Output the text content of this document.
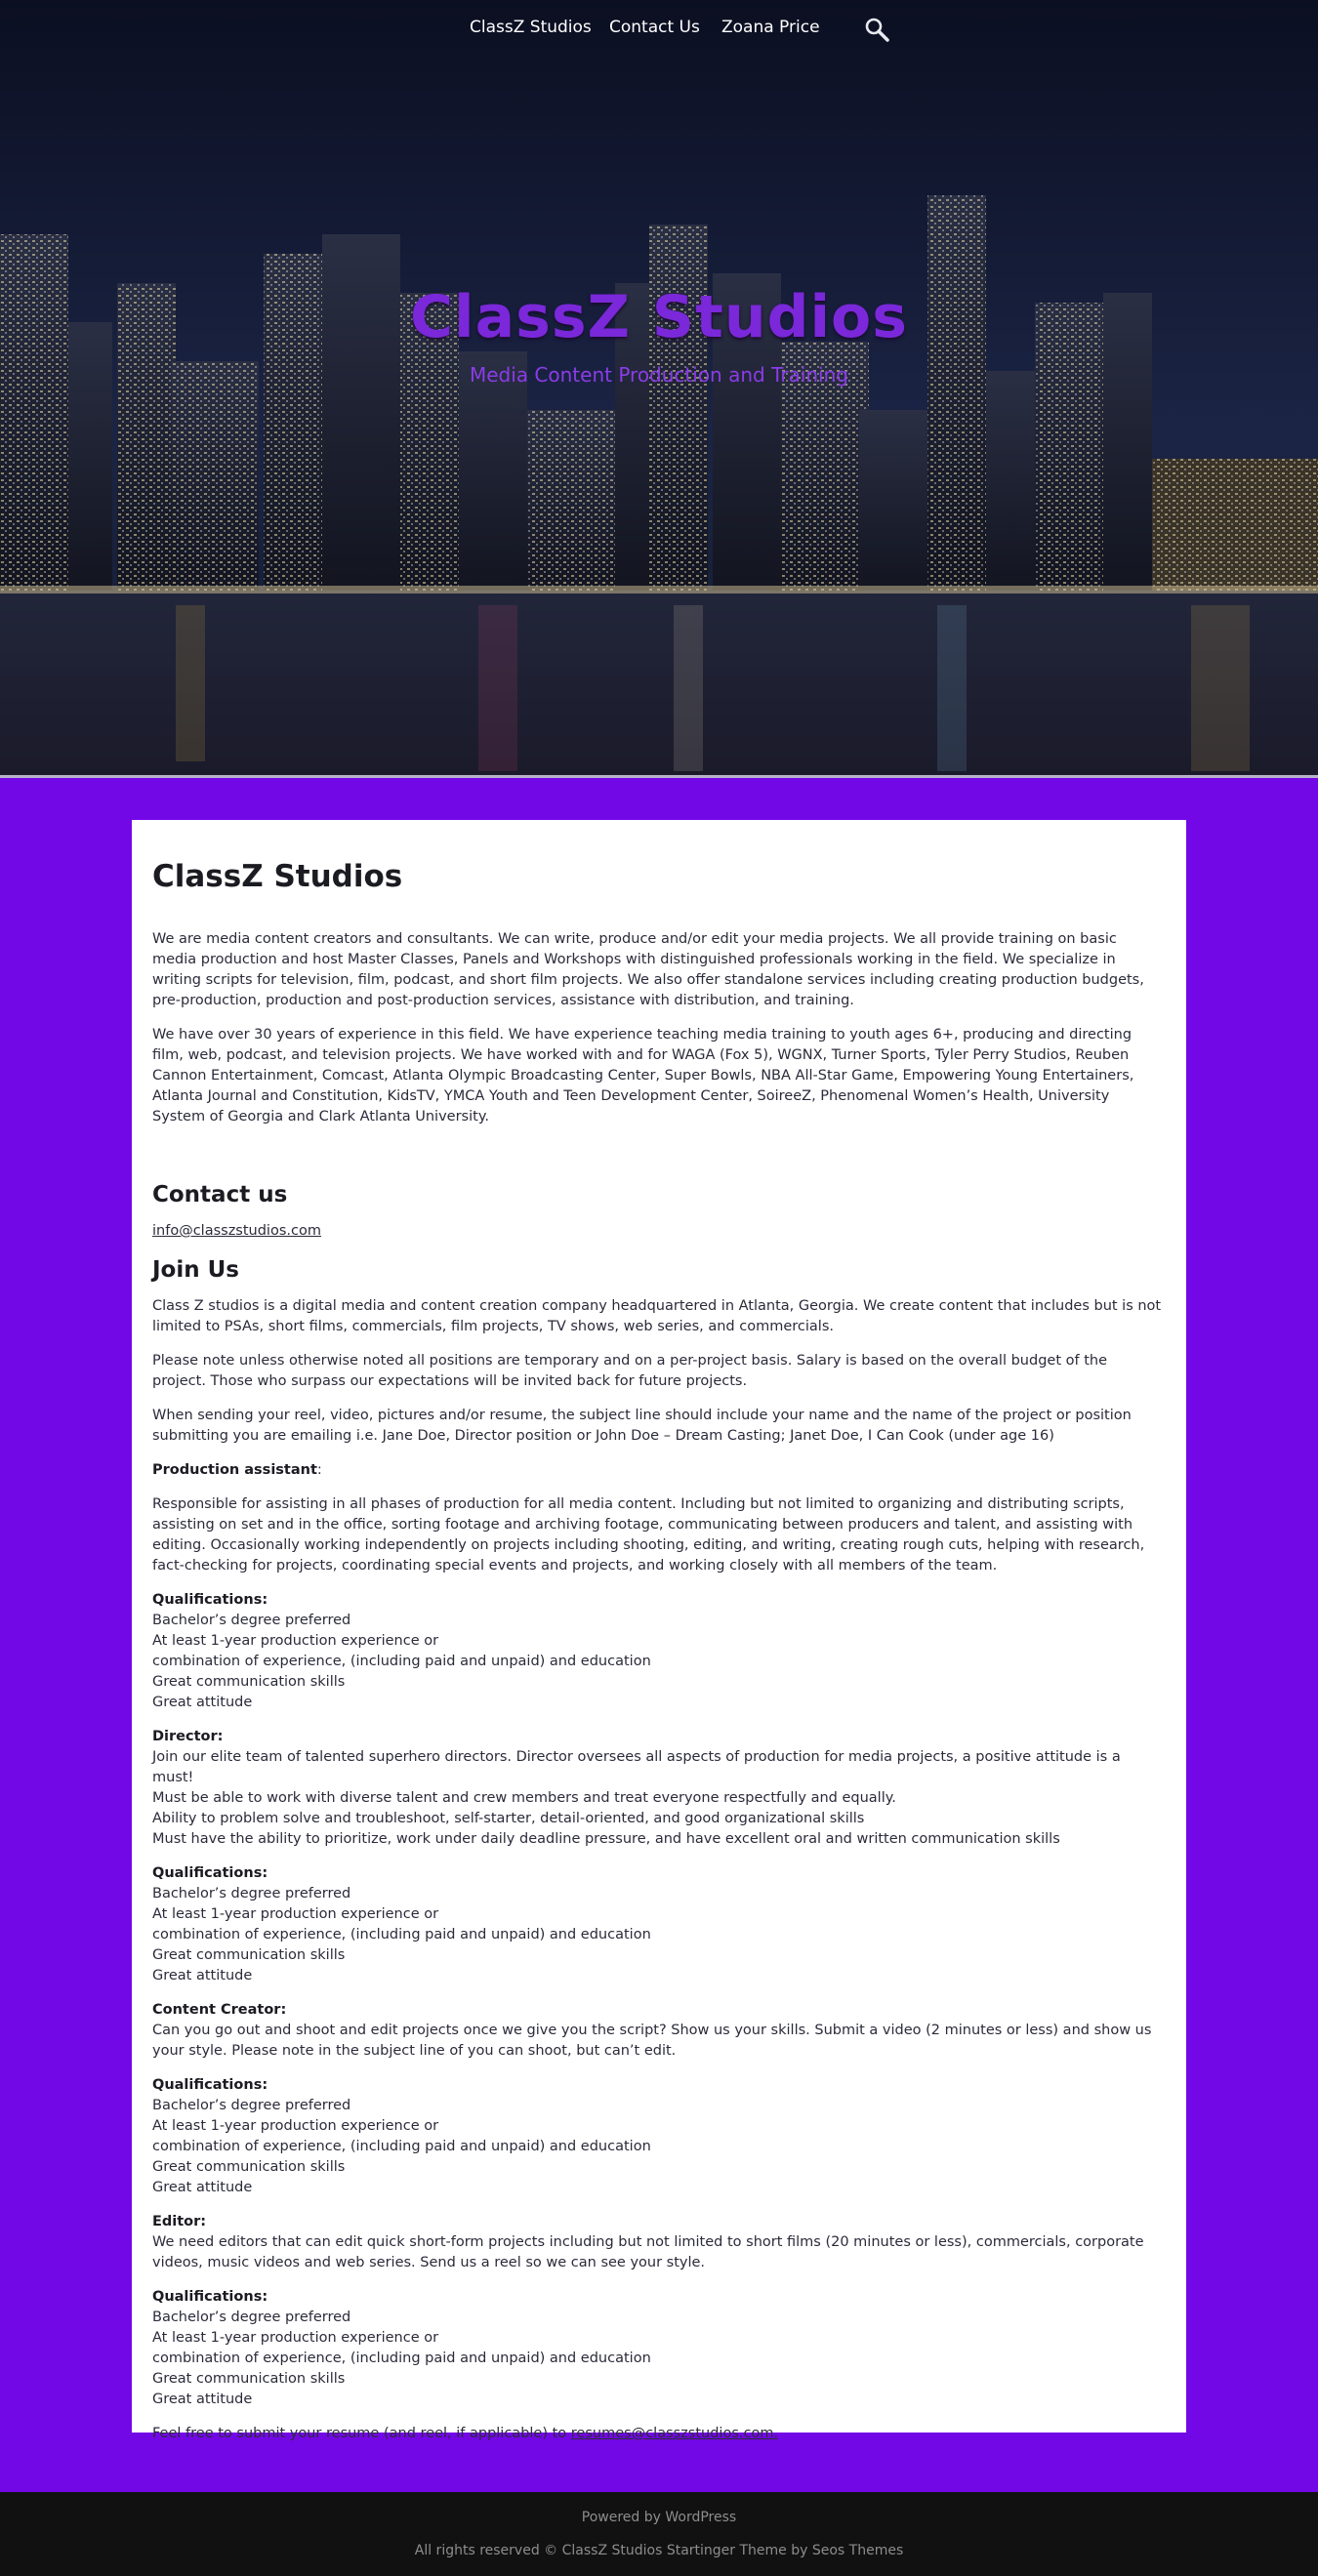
ClassZ Studios Contact Us Zoana Price
ClassZ Studios
Media Content Production and Training
ClassZ Studios

We are media content creators and consultants. We can write, produce and/or edit your media projects. We all provide training on basic media production and host Master Classes, Panels and Workshops with distinguished professionals working in the field. We specialize in writing scripts for television, film, podcast, and short film projects. We also offer standalone services including creating production budgets, pre-production, production and post-production services, assistance with distribution, and training.

We have over 30 years of experience in this field. We have experience teaching media training to youth ages 6+, producing and directing film, web, podcast, and television projects. We have worked with and for WAGA (Fox 5), WGNX, Turner Sports, Tyler Perry Studios, Reuben Cannon Entertainment, Comcast, Atlanta Olympic Broadcasting Center, Super Bowls, NBA All-Star Game, Empowering Young Entertainers, Atlanta Journal and Constitution, KidsTV, YMCA Youth and Teen Development Center, SoireeZ, Phenomenal Women’s Health, University System of Georgia and Clark Atlanta University.

Contact us

info@classzstudios.com

Join Us

Class Z studios is a digital media and content creation company headquartered in Atlanta, Georgia. We create content that includes but is not limited to PSAs, short films, commercials, film projects, TV shows, web series, and commercials.

Please note unless otherwise noted all positions are temporary and on a per-project basis. Salary is based on the overall budget of the project. Those who surpass our expectations will be invited back for future projects.

When sending your reel, video, pictures and/or resume, the subject line should include your name and the name of the project or position submitting you are emailing i.e. Jane Doe, Director position or John Doe – Dream Casting; Janet Doe, I Can Cook (under age 16)

Production assistant:

Responsible for assisting in all phases of production for all media content. Including but not limited to organizing and distributing scripts, assisting on set and in the office, sorting footage and archiving footage, communicating between producers and talent, and assisting with editing. Occasionally working independently on projects including shooting, editing, and writing, creating rough cuts, helping with research, fact-checking for projects, coordinating special events and projects, and working closely with all members of the team.

Qualifications:
Bachelor’s degree preferred
At least 1-year production experience or
combination of experience, (including paid and unpaid) and education
Great communication skills
Great attitude

Director:
Join our elite team of talented superhero directors. Director oversees all aspects of production for media projects, a positive attitude is a must!
Must be able to work with diverse talent and crew members and treat everyone respectfully and equally.
Ability to problem solve and troubleshoot, self-starter, detail-oriented, and good organizational skills
Must have the ability to prioritize, work under daily deadline pressure, and have excellent oral and written communication skills

Qualifications:
Bachelor’s degree preferred
At least 1-year production experience or
combination of experience, (including paid and unpaid) and education
Great communication skills
Great attitude

Content Creator:
Can you go out and shoot and edit projects once we give you the script? Show us your skills. Submit a video (2 minutes or less) and show us your style. Please note in the subject line of you can shoot, but can’t edit.

Qualifications:
Bachelor’s degree preferred
At least 1-year production experience or
combination of experience, (including paid and unpaid) and education
Great communication skills
Great attitude

Editor:
We need editors that can edit quick short-form projects including but not limited to short films (20 minutes or less), commercials, corporate videos, music videos and web series. Send us a reel so we can see your style.

Qualifications:
Bachelor’s degree preferred
At least 1-year production experience or
combination of experience, (including paid and unpaid) and education
Great communication skills
Great attitude

Feel free to submit your resume (and reel, if applicable) to resumes@classzstudios.com.

Powered by WordPress
All rights reserved © ClassZ Studios Startinger Theme by Seos Themes
